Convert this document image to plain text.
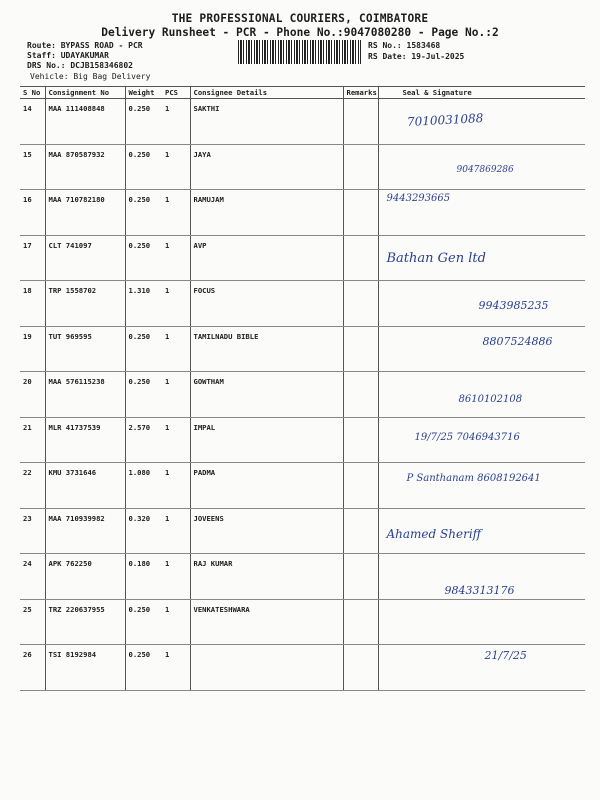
THE PROFESSIONAL COURIERS, COIMBATORE
Delivery Runsheet - PCR - Phone No.:9047080280 - Page No.:2
Route: BYPASS ROAD - PCR
Staff: UDAYAKUMAR
DRS No.: DCJB158346802
Vehicle: Big Bag Delivery
RS No.: 1583468
RS Date: 19-Jul-2025
S No	Consignment No	Weight	PCS	Consignee Details	Remarks	Seal & Signature
14	MAA 111408848	0.250	1	SAKTHI		7010031088

15	MAA 870587932	0.250	1	JAYA		9047869286

16	MAA 710782180	0.250	1	RAMUJAM		9443293665

17	CLT 741097	0.250	1	AVP		Bathan Gen ltd

18	TRP 1558702	1.310	1	FOCUS		9943985235

19	TUT 969595	0.250	1	TAMILNADU BIBLE		8807524886

20	MAA 576115238	0.250	1	GOWTHAM		8610102108

21	MLR 41737539	2.570	1	IMPAL		19/7/25 7046943716

22	KMU 3731646	1.080	1	PADMA		P Santhanam 8608192641

23	MAA 710939982	0.320	1	JOVEENS		Ahamed Sheriff

24	APK 762250	0.180	1	RAJ KUMAR		9843313176

25	TRZ 220637955	0.250	1	VENKATESHWARA		

26	TSI 8192984	0.250	1			21/7/25
